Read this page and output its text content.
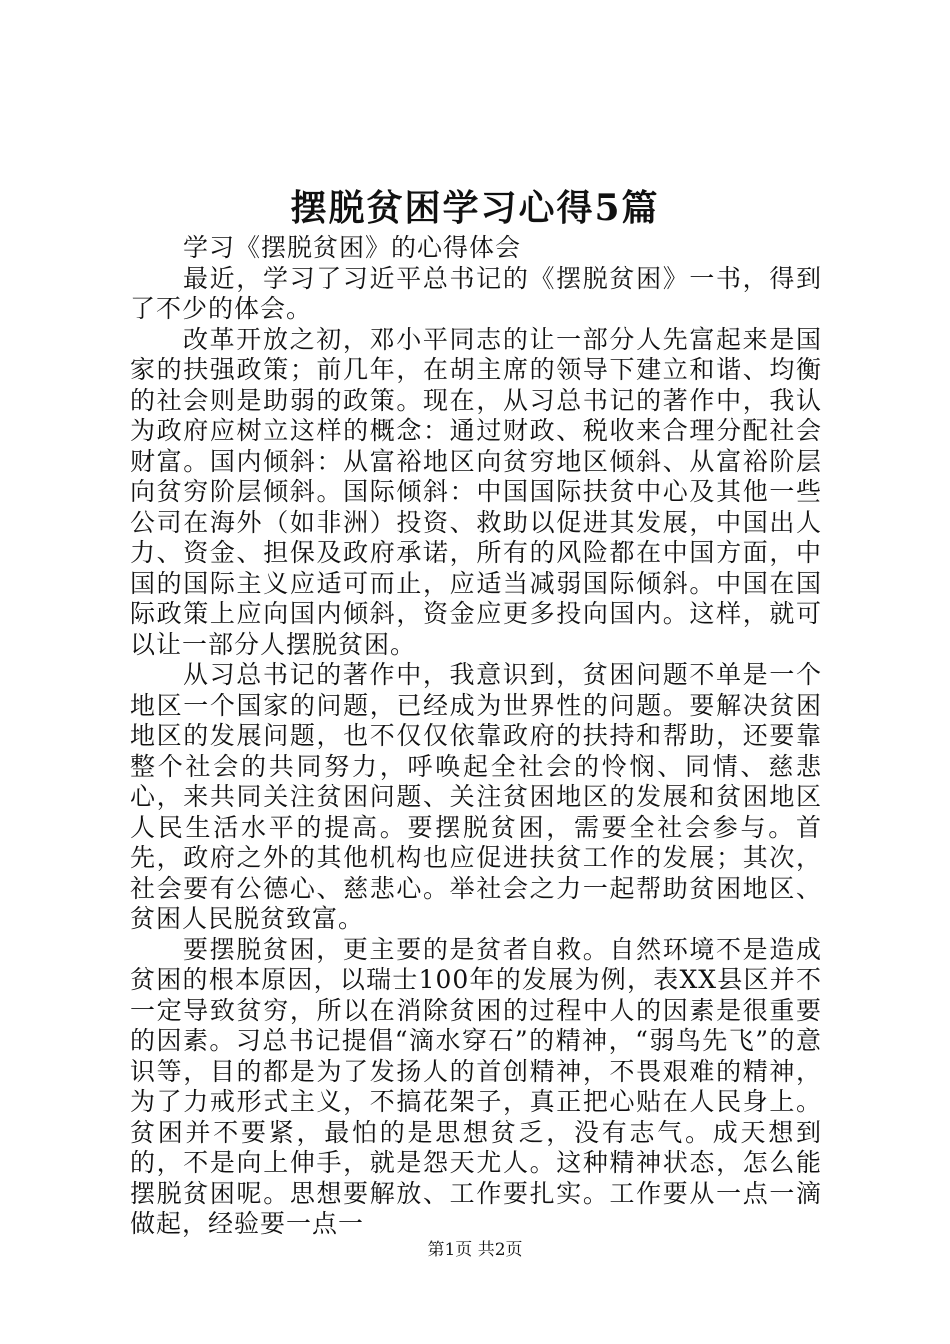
摆脱贫困学习心得5篇

学习《摆脱贫困》的心得体会

最近，学习了习近平总书记的《摆脱贫困》一书，得到了不少的体会。

改革开放之初，邓小平同志的让一部分人先富起来是国家的扶强政策；前几年，在胡主席的领导下建立和谐、均衡的社会则是助弱的政策。现在，从习总书记的著作中，我认为政府应树立这样的概念：通过财政、税收来合理分配社会财富。国内倾斜：从富裕地区向贫穷地区倾斜、从富裕阶层向贫穷阶层倾斜。国际倾斜：中国国际扶贫中心及其他一些公司在海外（如非洲）投资、救助以促进其发展，中国出人力、资金、担保及政府承诺，所有的风险都在中国方面，中国的国际主义应适可而止，应适当减弱国际倾斜。中国在国际政策上应向国内倾斜，资金应更多投向国内。这样，就可以让一部分人摆脱贫困。

从习总书记的著作中，我意识到，贫困问题不单是一个地区一个国家的问题，已经成为世界性的问题。要解决贫困地区的发展问题，也不仅仅依靠政府的扶持和帮助，还要靠整个社会的共同努力，呼唤起全社会的怜悯、同情、慈悲心，来共同关注贫困问题、关注贫困地区的发展和贫困地区人民生活水平的提高。要摆脱贫困，需要全社会参与。首先，政府之外的其他机构也应促进扶贫工作的发展；其次，社会要有公德心、慈悲心。举社会之力一起帮助贫困地区、贫困人民脱贫致富。

要摆脱贫困，更主要的是贫者自救。自然环境不是造成贫困的根本原因，以瑞士100年的发展为例，表XX县区并不一定导致贫穷，所以在消除贫困的过程中人的因素是很重要的因素。习总书记提倡“滴水穿石”的精神，“弱鸟先飞”的意识等，目的都是为了发扬人的首创精神，不畏艰难的精神，为了力戒形式主义，不搞花架子，真正把心贴在人民身上。贫困并不要紧，最怕的是思想贫乏，没有志气。成天想到的，不是向上伸手，就是怨天尤人。这种精神状态，怎么能摆脱贫困呢。思想要解放、工作要扎实。工作要从一点一滴做起，经验要一点一

第1页 共2页
